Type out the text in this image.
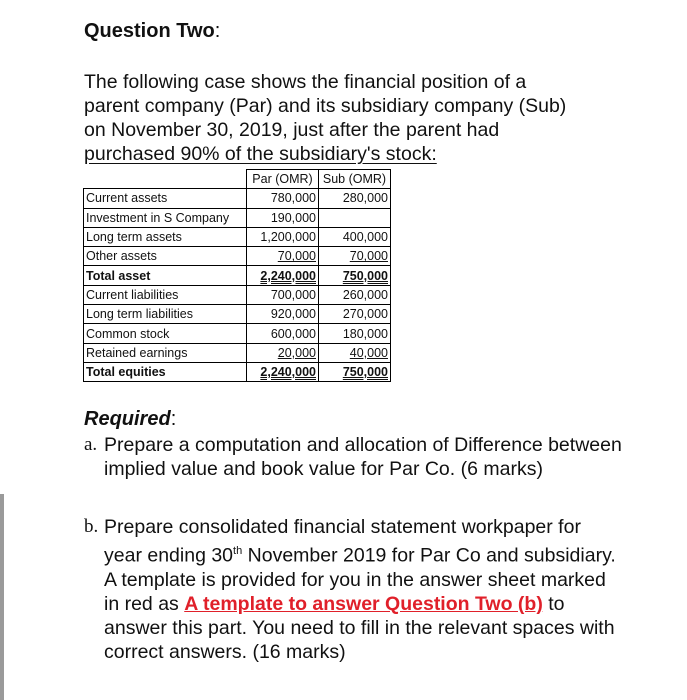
Question Two:
The following case shows the financial position of a
parent company (Par) and its subsidiary company (Sub)
on November 30, 2019, just after the parent had
purchased 90% of the subsidiary's stock:
	Par (OMR)	Sub (OMR)
Current assets	780,000	280,000
Investment in S Company	190,000	
Long term assets	1,200,000	400,000
Other assets	70,000	70,000
Total asset	2,240,000	750,000
Current liabilities	700,000	260,000
Long term liabilities	920,000	270,000
Common stock	600,000	180,000
Retained earnings	20,000	40,000
Total equities	2,240,000	750,000
Required:
a. Prepare a computation and allocation of Difference between implied value and book value for Par Co. (6 marks)
b. Prepare consolidated financial statement workpaper for year ending 30th November 2019 for Par Co and subsidiary. A template is provided for you in the answer sheet marked in red as A template to answer Question Two (b) to answer this part. You need to fill in the relevant spaces with correct answers. (16 marks)
